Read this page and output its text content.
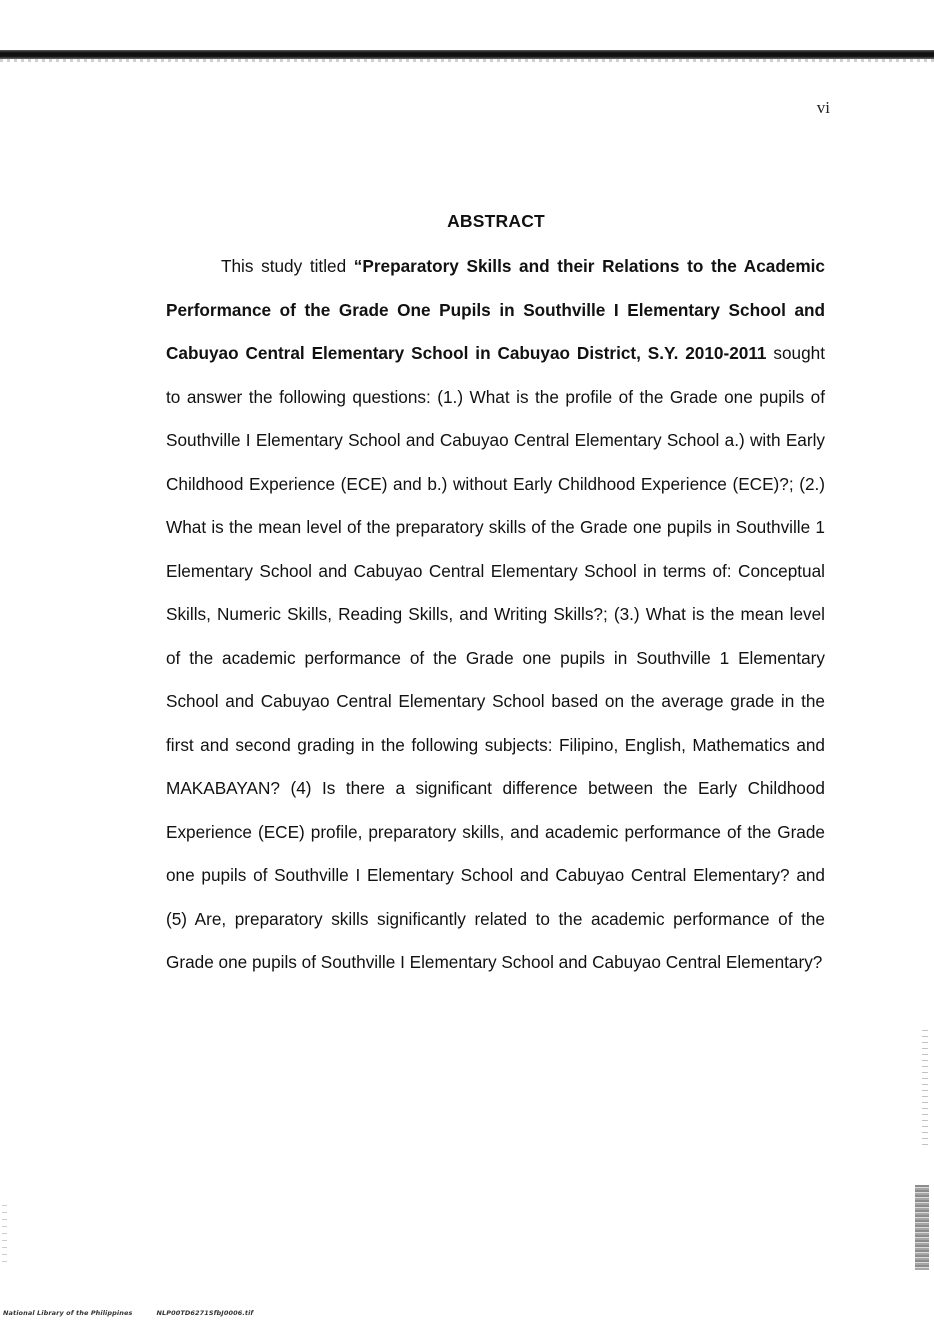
vi
ABSTRACT

This study titled “Preparatory Skills and their Relations to the Academic Performance of the Grade One Pupils in Southville I Elementary School and Cabuyao Central Elementary School in Cabuyao District, S.Y. 2010-2011 sought to answer the following questions: (1.) What is the profile of the Grade one pupils of Southville I Elementary School and Cabuyao Central Elementary School a.) with Early Childhood Experience (ECE) and b.) without Early Childhood Experience (ECE)?; (2.) What is the mean level of the preparatory skills of the Grade one pupils in Southville 1 Elementary School and Cabuyao Central Elementary School in terms of: Conceptual Skills, Numeric Skills, Reading Skills, and Writing Skills?; (3.) What is the mean level of the academic performance of the Grade one pupils in Southville 1 Elementary School and Cabuyao Central Elementary School based on the average grade in the first and second grading in the following subjects: Filipino, English, Mathematics and MAKABAYAN? (4) Is there a significant difference between the Early Childhood Experience (ECE) profile, preparatory skills, and academic performance of the Grade one pupils of Southville I Elementary School and Cabuyao Central Elementary? and (5) Are, preparatory skills significantly related to the academic performance of the Grade one pupils of Southville I Elementary School and Cabuyao Central Elementary?

National Library of the Philippines	NLP00TD6271SfbJ0006.tif
